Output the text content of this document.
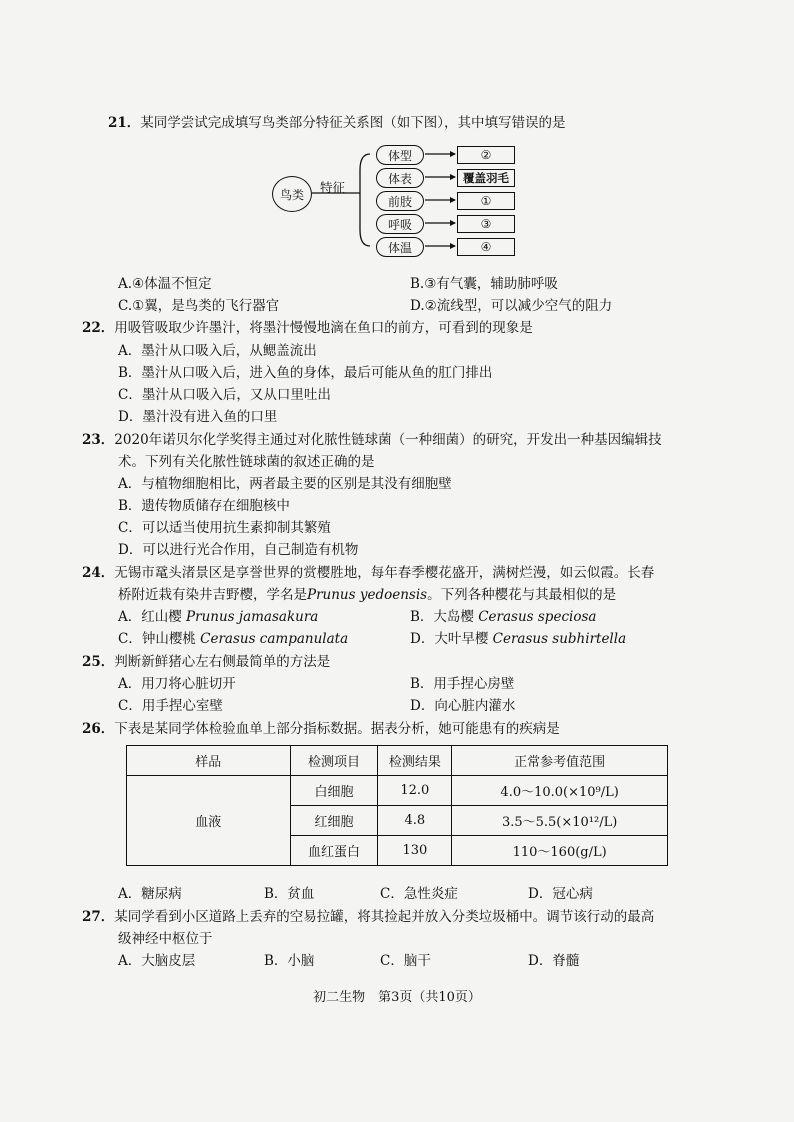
21．某同学尝试完成填写鸟类部分特征关系图（如下图），其中填写错误的是
鸟类	特征
体型
体表
前肢
呼吸
体温
②
覆盖羽毛
①
③
④
A.④体温不恒定	B.③有气囊，辅助肺呼吸
C.①翼，是鸟类的飞行器官	D.②流线型，可以减少空气的阻力
22．用吸管吸取少许墨汁，将墨汁慢慢地滴在鱼口的前方，可看到的现象是
A．墨汁从口吸入后，从鳃盖流出
B．墨汁从口吸入后，进入鱼的身体，最后可能从鱼的肛门排出
C．墨汁从口吸入后，又从口里吐出
D．墨汁没有进入鱼的口里
23．2020年诺贝尔化学奖得主通过对化脓性链球菌（一种细菌）的研究，开发出一种基因编辑技
术。下列有关化脓性链球菌的叙述正确的是
A．与植物细胞相比，两者最主要的区别是其没有细胞壁
B．遗传物质储存在细胞核中
C．可以适当使用抗生素抑制其繁殖
D．可以进行光合作用，自己制造有机物
24．无锡市鼋头渚景区是享誉世界的赏樱胜地，每年春季樱花盛开，满树烂漫，如云似霞。长春
桥附近栽有染井吉野樱，学名是Prunus yedoensis。下列各种樱花与其最相似的是
A．红山樱 Prunus jamasakura	B．大岛樱 Cerasus speciosa
C．钟山樱桃 Cerasus campanulata	D．大叶早樱 Cerasus subhirtella
25．判断新鲜猪心左右侧最简单的方法是
A．用刀将心脏切开	B．用手捏心房壁
C．用手捏心室壁	D．向心脏内灌水
26．下表是某同学体检验血单上部分指标数据。据表分析，她可能患有的疾病是
样品	检测项目	检测结果	正常参考值范围
血液	白细胞	12.0	4.0～10.0(×10⁹/L)
	红细胞	4.8	3.5～5.5(×10¹²/L)
	血红蛋白	130	110～160(g/L)
A．糖尿病	B．贫血	C．急性炎症	D．冠心病
27．某同学看到小区道路上丢弃的空易拉罐，将其捡起并放入分类垃圾桶中。调节该行动的最高
级神经中枢位于
A．大脑皮层	B．小脑	C．脑干	D．脊髓
初二生物　第3页（共10页）
